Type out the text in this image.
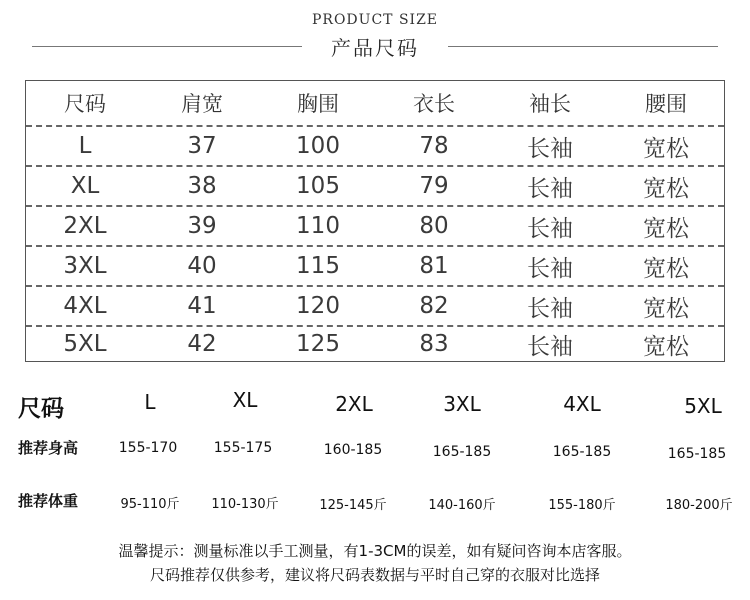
PRODUCT SIZE
产品尺码
尺码	肩宽	胸围	衣长	袖长	腰围
L	37	100	78	长袖	宽松
XL	38	105	79	长袖	宽松
2XL	39	110	80	长袖	宽松
3XL	40	115	81	长袖	宽松
4XL	41	120	82	长袖	宽松
5XL	42	125	83	长袖	宽松
尺码	L	XL	2XL	3XL	4XL	5XL
推荐身高	155-170	155-175	160-185	165-185	165-185	165-185
推荐体重	95-110斤	110-130斤	125-145斤	140-160斤	155-180斤	180-200斤
温馨提示：测量标准以手工测量，有1-3CM的误差，如有疑问咨询本店客服。
尺码推荐仅供参考，建议将尺码表数据与平时自己穿的衣服对比选择
